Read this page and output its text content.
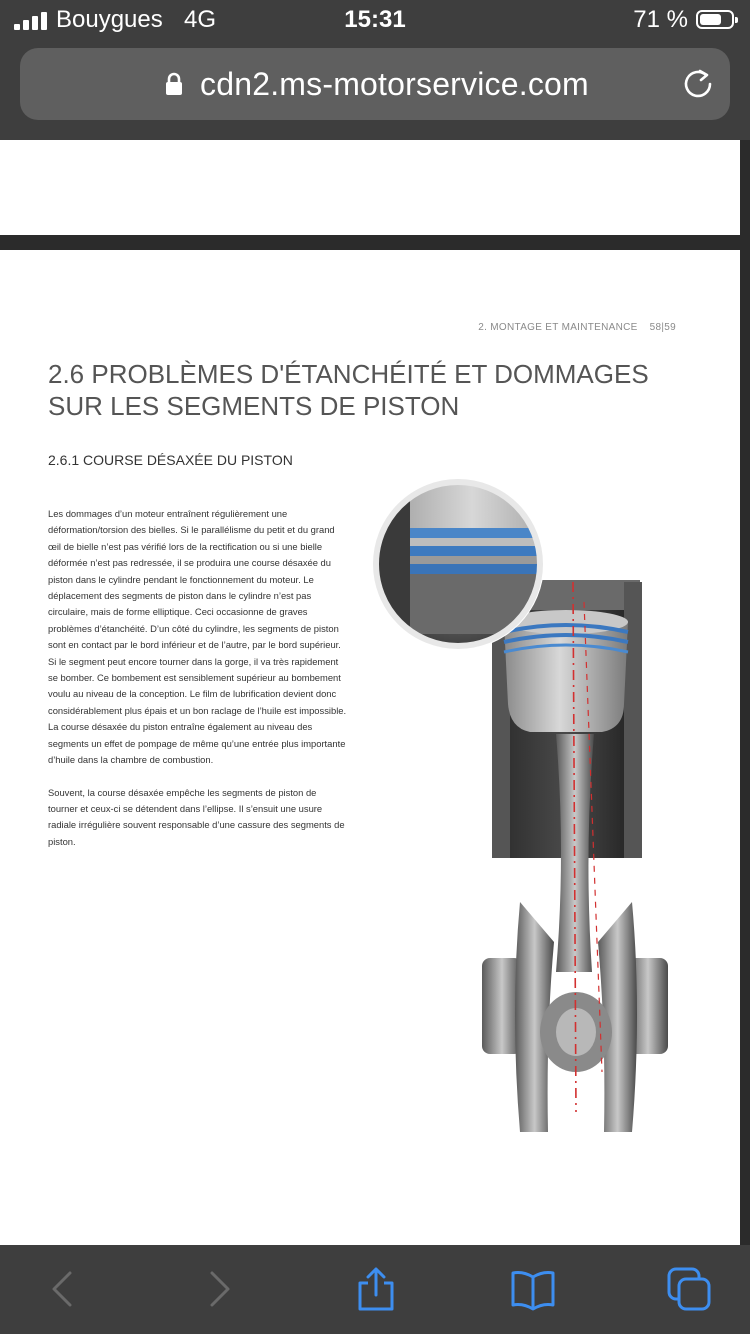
Bouygues 4G	15:31	71 %
cdn2.ms-motorservice.com
2. MONTAGE ET MAINTENANCE 58|59
2.6 PROBLÈMES D'ÉTANCHÉITÉ ET DOMMAGES SUR LES SEGMENTS DE PISTON
2.6.1 COURSE DÉSAXÉE DU PISTON

Les dommages d’un moteur entraînent régulièrement une déformation/torsion des bielles. Si le parallélisme du petit et du grand œil de bielle n’est pas vérifié lors de la rectification ou si une bielle déformée n’est pas redressée, il se produira une course désaxée du piston dans le cylindre pendant le fonctionnement du moteur. Le déplacement des segments de piston dans le cylindre n’est pas circulaire, mais de forme elliptique. Ceci occasionne de graves problèmes d’étanchéité. D’un côté du cylindre, les segments de piston sont en contact par le bord inférieur et de l’autre, par le bord supérieur. Si le segment peut encore tourner dans la gorge, il va très rapidement se bomber. Ce bombement est sensiblement supérieur au bombement voulu au niveau de la conception. Le film de lubrification devient donc considérablement plus épais et un bon raclage de l’huile est impossible. La course désaxée du piston entraîne également au niveau des segments un effet de pompage de même qu’une entrée plus importante d’huile dans la chambre de combustion.

Souvent, la course désaxée empêche les segments de piston de tourner et ceux-ci se détendent dans l’ellipse. Il s’ensuit une usure radiale irrégulière souvent responsable d’une cassure des segments de piston.
